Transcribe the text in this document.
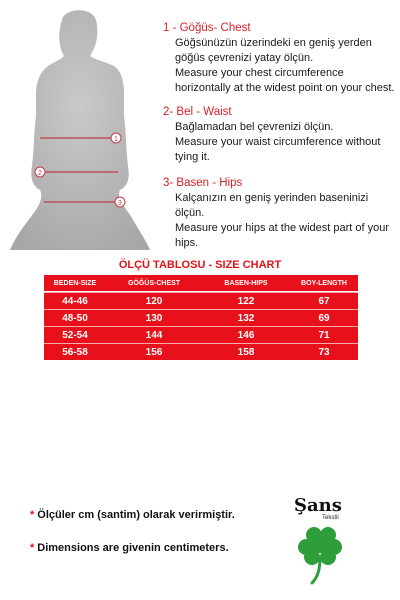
1
2
3
1 - Göğüs- Chest
Göğsünüzün üzerindeki en geniş yerden göğüs çevrenizi yatay ölçün.
Measure your chest circumference horizontally at the widest point on your chest.
2- Bel - Waist
Bağlamadan bel çevrenizi ölçün.
Measure your waist circumference without tying it.
3- Basen - Hips
Kalçanızın en geniş yerinden baseninizi ölçün.
Measure your hips at the widest part of your hips.
ÖLÇÜ TABLOSU - SIZE CHART
BEDEN-SIZE	GÖĞÜS-CHEST	BASEN-HIPS	BOY-LENGTH
44-46	120	122	67
48-50	130	132	69
52-54	144	146	71
56-58	156	158	73
* Ölçüler cm (santim) olarak verirmiştir.
* Dimensions are givenin centimeters.
Şans
Tekstil
